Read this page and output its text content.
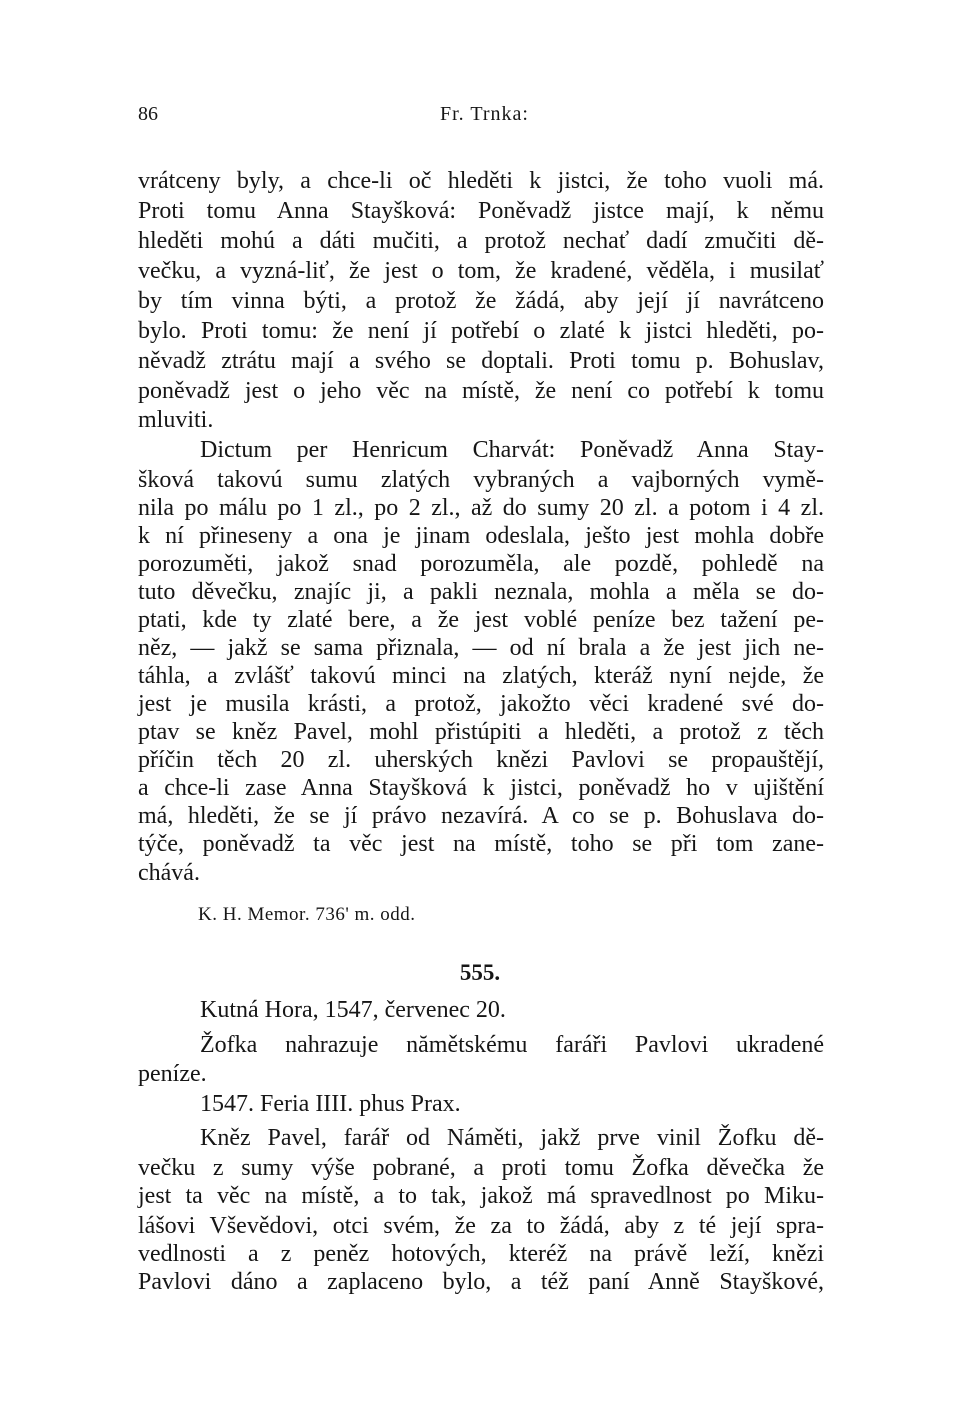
86	Fr. Trnka:
vrátceny byly, a chce-li oč hleděti k jistci, že toho vuoli má.
Proti tomu Anna Stayšková: Poněvadž jistce mají, k němu
hleděti mohú a dáti mučiti, a protož nechať dadí zmučiti dě-
večku, a vyzná-liť, že jest o tom, že kradené, věděla, i musilať
by tím vinna býti, a protož že žádá, aby její jí navrátceno
bylo. Proti tomu: že není jí potřebí o zlaté k jistci hleděti, po-
něvadž ztrátu mají a svého se doptali. Proti tomu p. Bohuslav,
poněvadž jest o jeho věc na místě, že není co potřebí k tomu
mluviti.
Dictum per Henricum Charvát: Poněvadž Anna Stay-
šková takovú sumu zlatých vybraných a vajborných vymě-
nila po málu po 1 zl., po 2 zl., až do sumy 20 zl. a potom i 4 zl.
k ní přineseny a ona je jinam odeslala, ješto jest mohla dobře
porozuměti, jakož snad porozuměla, ale pozdě, pohledě na
tuto děvečku, znajíc ji, a pakli neznala, mohla a měla se do-
ptati, kde ty zlaté bere, a že jest voblé peníze bez tažení pe-
něz, — jakž se sama přiznala, — od ní brala a že jest jich ne-
táhla, a zvlášť takovú minci na zlatých, kteráž nyní nejde, že
jest je musila krásti, a protož, jakožto věci kradené své do-
ptav se kněz Pavel, mohl přistúpiti a hleděti, a protož z těch
příčin těch 20 zl. uherských knězi Pavlovi se propauštějí,
a chce-li zase Anna Stayšková k jistci, poněvadž ho v ujištění
má, hleděti, že se jí právo nezavírá. A co se p. Bohuslava do-
týče, poněvadž ta věc jest na místě, toho se při tom zane-
chává.
K. H. Memor. 736' m. odd.
555.
Kutná Hora, 1547, červenec 20.
Žofka nahrazuje nămětskému faráři Pavlovi ukradené
peníze.
1547. Feria IIII. phus Prax.
Kněz Pavel, farář od Náměti, jakž prve vinil Žofku dě-
večku z sumy výše pobrané, a proti tomu Žofka děvečka že
jest ta věc na místě, a to tak, jakož má spravedlnost po Miku-
lášovi Vševědovi, otci svém, že za to žádá, aby z té její spra-
vedlnosti a z peněz hotových, kteréž na právě leží, knězi
Pavlovi dáno a zaplaceno bylo, a též paní Anně Stayškové,
